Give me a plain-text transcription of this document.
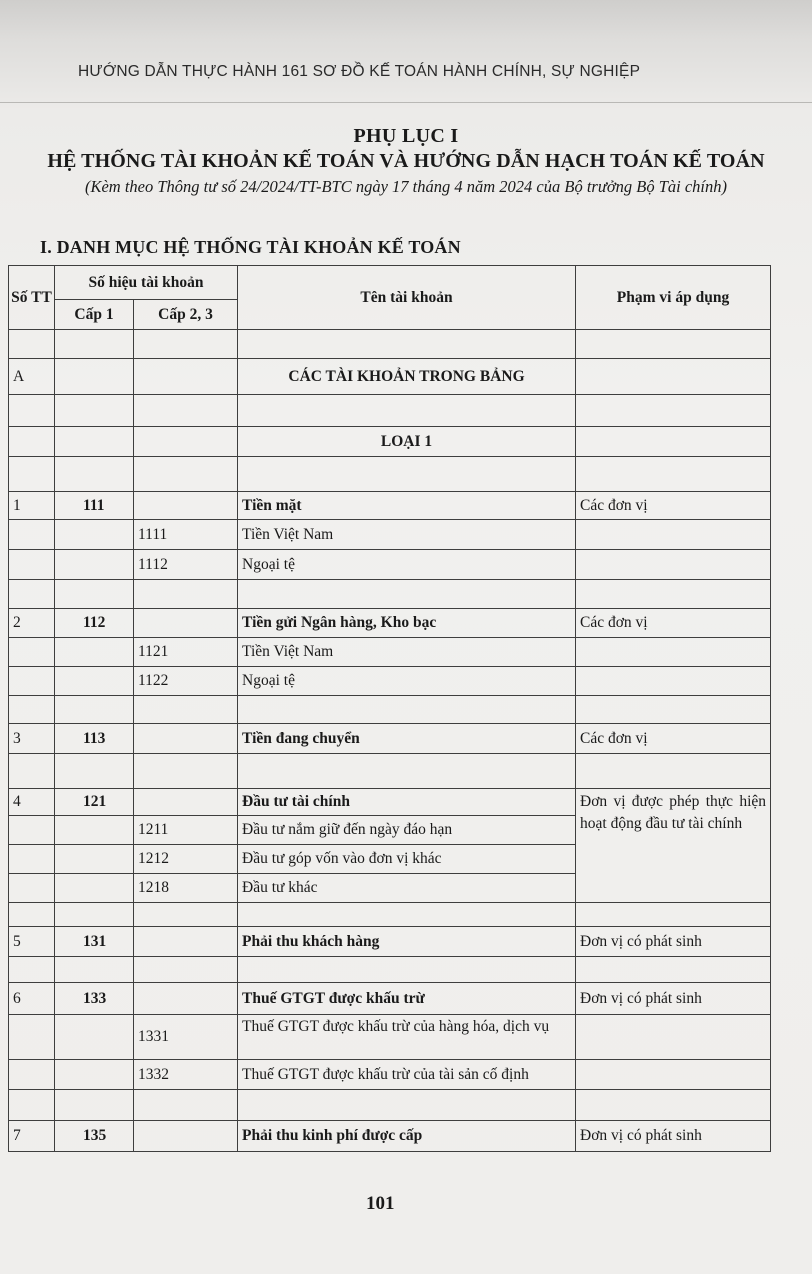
HƯỚNG DẪN THỰC HÀNH 161 SƠ ĐỒ KẾ TOÁN HÀNH CHÍNH, SỰ NGHIỆP
PHỤ LỤC I
HỆ THỐNG TÀI KHOẢN KẾ TOÁN VÀ HƯỚNG DẪN HẠCH TOÁN KẾ TOÁN
(Kèm theo Thông tư số 24/2024/TT-BTC ngày 17 tháng 4 năm 2024 của Bộ trưởng Bộ Tài chính)
I. DANH MỤC HỆ THỐNG TÀI KHOẢN KẾ TOÁN
Số TT	Số hiệu tài khoản		Tên tài khoản	Phạm vi áp dụng
	Cấp 1	Cấp 2, 3		

A			CÁC TÀI KHOẢN TRONG BẢNG	

			LOẠI 1	

1	111		Tiền mặt	Các đơn vị
		1111	Tiền Việt Nam	
		1112	Ngoại tệ	

2	112		Tiền gửi Ngân hàng, Kho bạc	Các đơn vị
		1121	Tiền Việt Nam	
		1122	Ngoại tệ	

3	113		Tiền đang chuyển	Các đơn vị

4	121		Đầu tư tài chính	Đơn vị được phép thực hiện hoạt động đầu tư tài chính
		1211	Đầu tư nắm giữ đến ngày đáo hạn	
		1212	Đầu tư góp vốn vào đơn vị khác	
		1218	Đầu tư khác	

5	131		Phải thu khách hàng	Đơn vị có phát sinh

6	133		Thuế GTGT được khấu trừ	Đơn vị có phát sinh
		1331	Thuế GTGT được khấu trừ của hàng hóa, dịch vụ	
		1332	Thuế GTGT được khấu trừ của tài sản cố định	

7	135		Phải thu kinh phí được cấp	Đơn vị có phát sinh
101
